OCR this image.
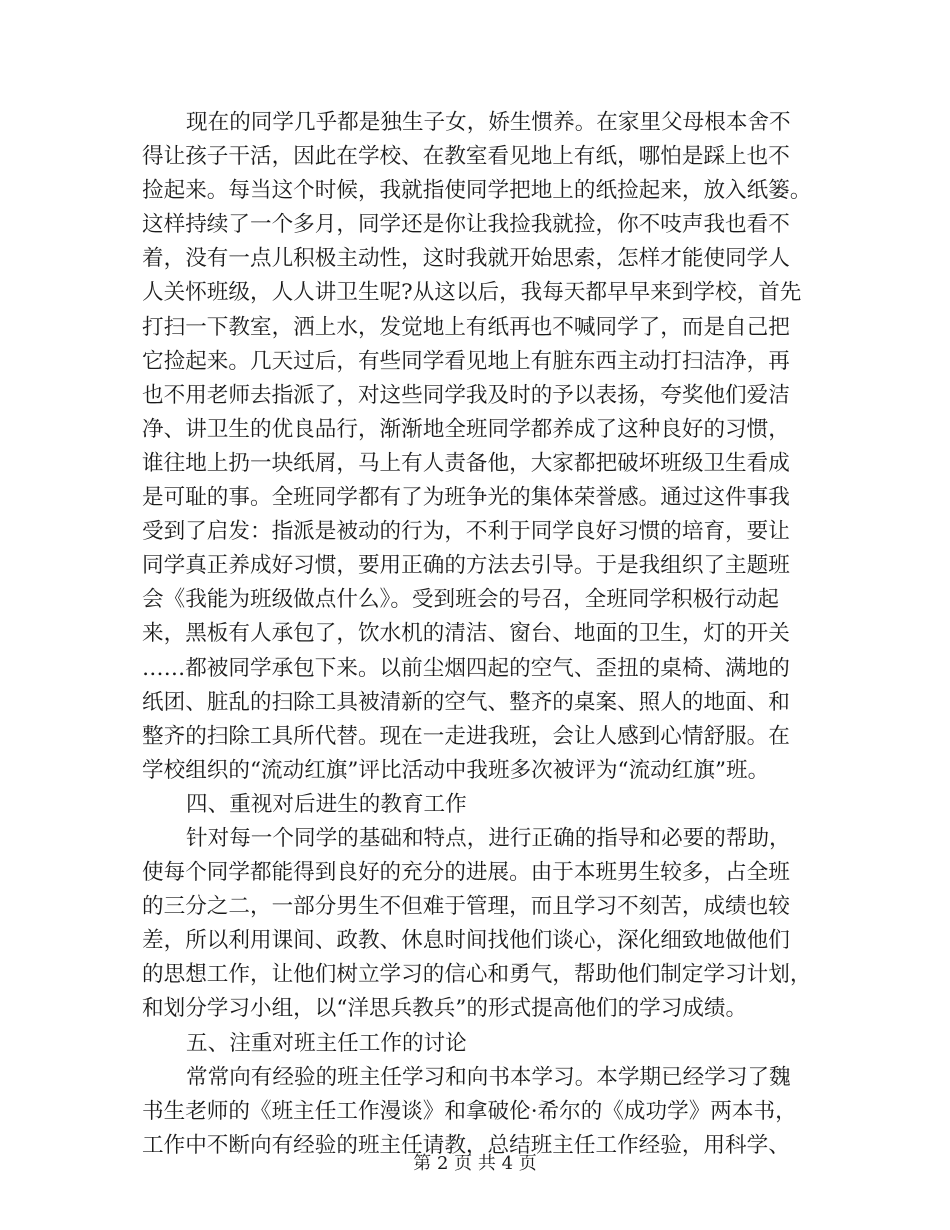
现在的同学几乎都是独生子女，娇生惯养。在家里父母根本舍不
得让孩子干活，因此在学校、在教室看见地上有纸，哪怕是踩上也不
捡起来。每当这个时候，我就指使同学把地上的纸捡起来，放入纸篓。
这样持续了一个多月，同学还是你让我捡我就捡，你不吱声我也看不
着，没有一点儿积极主动性，这时我就开始思索，怎样才能使同学人
人关怀班级，人人讲卫生呢?从这以后，我每天都早早来到学校，首先
打扫一下教室，洒上水，发觉地上有纸再也不喊同学了，而是自己把
它捡起来。几天过后，有些同学看见地上有脏东西主动打扫洁净，再
也不用老师去指派了，对这些同学我及时的予以表扬，夸奖他们爱洁
净、讲卫生的优良品行，渐渐地全班同学都养成了这种良好的习惯，
谁往地上扔一块纸屑，马上有人责备他，大家都把破坏班级卫生看成
是可耻的事。全班同学都有了为班争光的集体荣誉感。通过这件事我
受到了启发：指派是被动的行为，不利于同学良好习惯的培育，要让
同学真正养成好习惯，要用正确的方法去引导。于是我组织了主题班
会《我能为班级做点什么》。受到班会的号召，全班同学积极行动起
来，黑板有人承包了，饮水机的清洁、窗台、地面的卫生，灯的开关
……都被同学承包下来。以前尘烟四起的空气、歪扭的桌椅、满地的
纸团、脏乱的扫除工具被清新的空气、整齐的桌案、照人的地面、和
整齐的扫除工具所代替。现在一走进我班，会让人感到心情舒服。在
学校组织的“流动红旗”评比活动中我班多次被评为“流动红旗”班。
四、重视对后进生的教育工作
针对每一个同学的基础和特点，进行正确的指导和必要的帮助，
使每个同学都能得到良好的充分的进展。由于本班男生较多，占全班
的三分之二，一部分男生不但难于管理，而且学习不刻苦，成绩也较
差，所以利用课间、政教、休息时间找他们谈心，深化细致地做他们
的思想工作，让他们树立学习的信心和勇气，帮助他们制定学习计划，
和划分学习小组，以“洋思兵教兵”的形式提高他们的学习成绩。
五、注重对班主任工作的讨论
常常向有经验的班主任学习和向书本学习。本学期已经学习了魏
书生老师的《班主任工作漫谈》和拿破伦·希尔的《成功学》两本书，
工作中不断向有经验的班主任请教，总结班主任工作经验，用科学、
第 2 页 共 4 页
